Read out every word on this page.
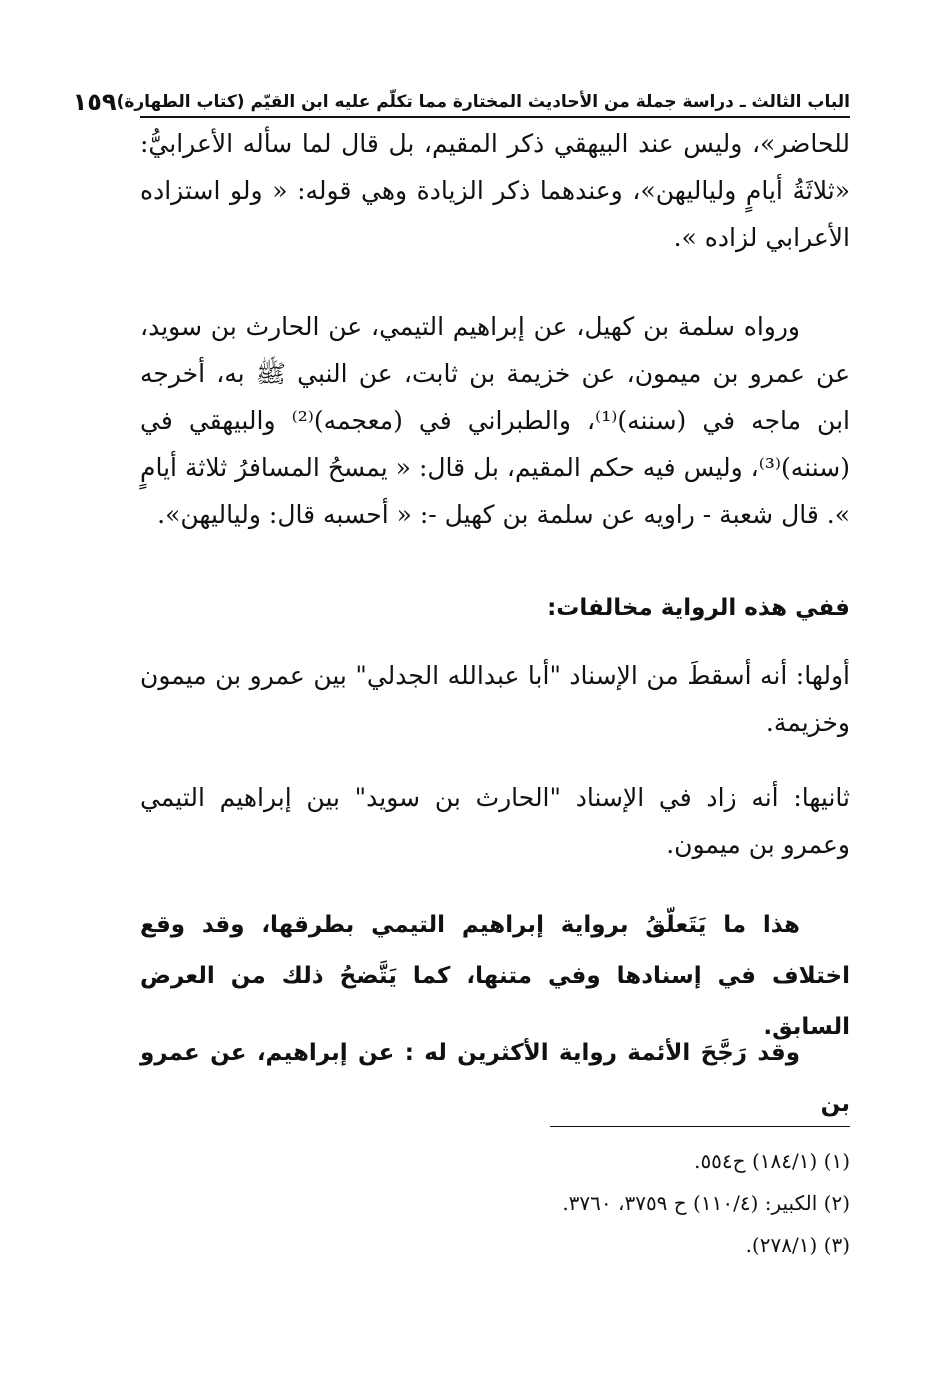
الباب الثالث ـ دراسة جملة من الأحاديث المختارة مما تكلّم عليه ابن القيّم (كتاب الطهارة)
١٥٩

للحاضر»، وليس عند البيهقي ذكر المقيم، بل قال لما سأله الأعرابيُّ: «ثلاثَةُ أيامٍ ولياليهن»، وعندهما ذكر الزيادة وهي قوله: « ولو استزاده الأعرابي لزاده ».

ورواه سلمة بن كهيل، عن إبراهيم التيمي، عن الحارث بن سويد، عن عمرو بن ميمون، عن خزيمة بن ثابت، عن النبي ﷺ به، أخرجه ابن ماجه في (سننه)⁽¹⁾، والطبراني في (معجمه)⁽²⁾ والبيهقي في (سننه)⁽³⁾، وليس فيه حكم المقيم، بل قال: « يمسحُ المسافرُ ثلاثة أيامٍ ». قال شعبة - راويه عن سلمة بن كهيل -: « أحسبه قال: ولياليهن».

ففي هذه الرواية مخالفات:

أولها: أنه أسقطَ من الإسناد "أبا عبدالله الجدلي" بين عمرو بن ميمون وخزيمة.

ثانيها: أنه زاد في الإسناد "الحارث بن سويد" بين إبراهيم التيمي وعمرو بن ميمون.

هذا ما يَتَعلّقُ برواية إبراهيم التيمي بطرقها، وقد وقع اختلاف في إسنادها وفي متنها، كما يَتَّضحُ ذلك من العرض السابق.

وقد رَجَّحَ الأئمة رواية الأكثرين له : عن إبراهيم، عن عمرو بن

(١) (١٨٤/١) ح٥٥٤.
(٢) الكبير: (١١٠/٤) ح ٣٧٥٩، ٣٧٦٠.
(٣) (٢٧٨/١).
